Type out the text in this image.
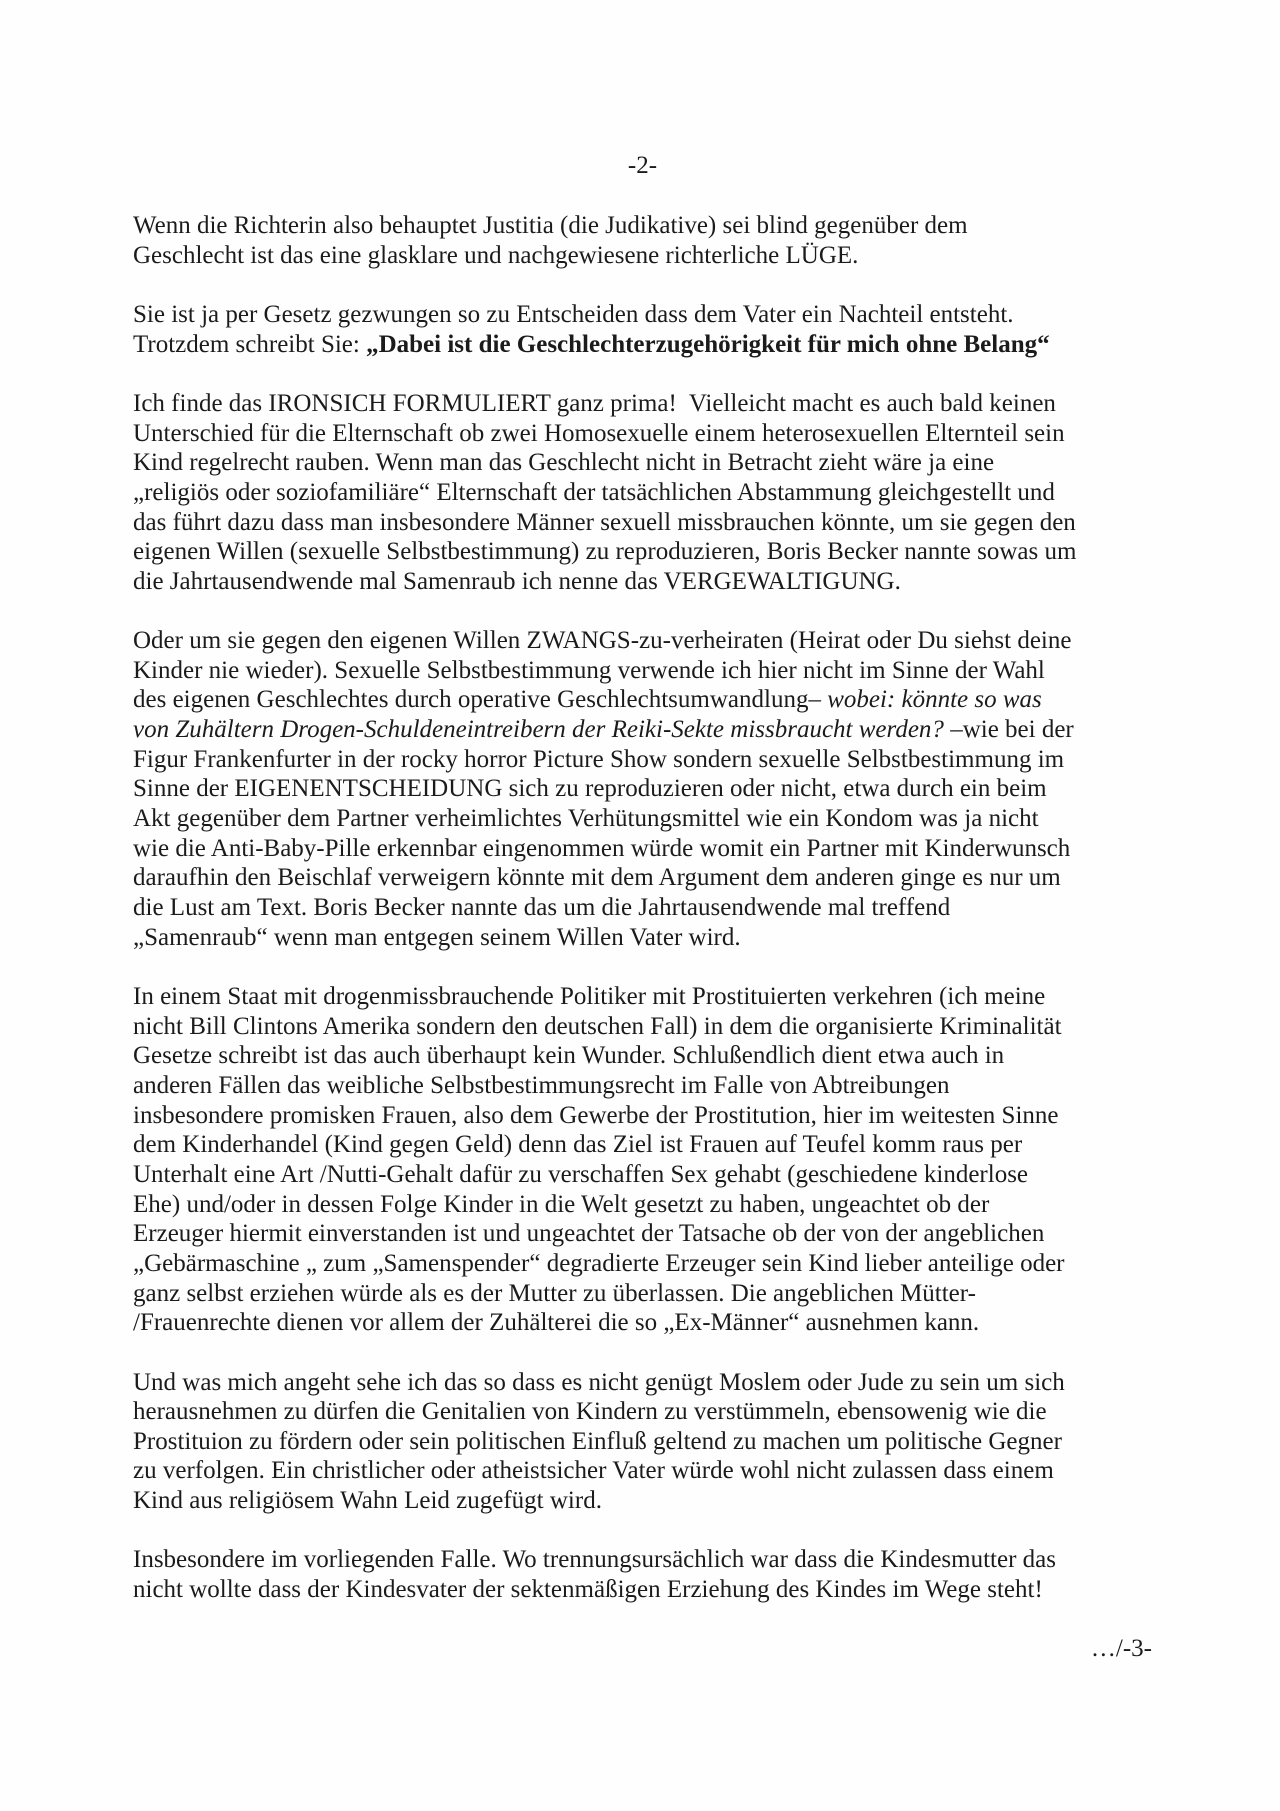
-2-

Wenn die Richterin also behauptet Justitia (die Judikative) sei blind gegenüber dem
Geschlecht ist das eine glasklare und nachgewiesene richterliche LÜGE.

Sie ist ja per Gesetz gezwungen so zu Entscheiden dass dem Vater ein Nachteil entsteht.
Trotzdem schreibt Sie: „Dabei ist die Geschlechterzugehörigkeit für mich ohne Belang“

Ich finde das IRONSICH FORMULIERT ganz prima!  Vielleicht macht es auch bald keinen
Unterschied für die Elternschaft ob zwei Homosexuelle einem heterosexuellen Elternteil sein
Kind regelrecht rauben. Wenn man das Geschlecht nicht in Betracht zieht wäre ja eine
„religiös oder soziofamiliäre“ Elternschaft der tatsächlichen Abstammung gleichgestellt und
das führt dazu dass man insbesondere Männer sexuell missbrauchen könnte, um sie gegen den
eigenen Willen (sexuelle Selbstbestimmung) zu reproduzieren, Boris Becker nannte sowas um
die Jahrtausendwende mal Samenraub ich nenne das VERGEWALTIGUNG.

Oder um sie gegen den eigenen Willen ZWANGS-zu-verheiraten (Heirat oder Du siehst deine
Kinder nie wieder). Sexuelle Selbstbestimmung verwende ich hier nicht im Sinne der Wahl
des eigenen Geschlechtes durch operative Geschlechtsumwandlung– wobei: könnte so was
von Zuhältern Drogen-Schuldeneintreibern der Reiki-Sekte missbraucht werden? –wie bei der
Figur Frankenfurter in der rocky horror Picture Show sondern sexuelle Selbstbestimmung im
Sinne der EIGENENTSCHEIDUNG sich zu reproduzieren oder nicht, etwa durch ein beim
Akt gegenüber dem Partner verheimlichtes Verhütungsmittel wie ein Kondom was ja nicht
wie die Anti-Baby-Pille erkennbar eingenommen würde womit ein Partner mit Kinderwunsch
daraufhin den Beischlaf verweigern könnte mit dem Argument dem anderen ginge es nur um
die Lust am Text. Boris Becker nannte das um die Jahrtausendwende mal treffend
„Samenraub“ wenn man entgegen seinem Willen Vater wird.

In einem Staat mit drogenmissbrauchende Politiker mit Prostituierten verkehren (ich meine
nicht Bill Clintons Amerika sondern den deutschen Fall) in dem die organisierte Kriminalität
Gesetze schreibt ist das auch überhaupt kein Wunder. Schlußendlich dient etwa auch in
anderen Fällen das weibliche Selbstbestimmungsrecht im Falle von Abtreibungen
insbesondere promisken Frauen, also dem Gewerbe der Prostitution, hier im weitesten Sinne
dem Kinderhandel (Kind gegen Geld) denn das Ziel ist Frauen auf Teufel komm raus per
Unterhalt eine Art /Nutti-Gehalt dafür zu verschaffen Sex gehabt (geschiedene kinderlose
Ehe) und/oder in dessen Folge Kinder in die Welt gesetzt zu haben, ungeachtet ob der
Erzeuger hiermit einverstanden ist und ungeachtet der Tatsache ob der von der angeblichen
„Gebärmaschine „ zum „Samenspender“ degradierte Erzeuger sein Kind lieber anteilige oder
ganz selbst erziehen würde als es der Mutter zu überlassen. Die angeblichen Mütter-
/Frauenrechte dienen vor allem der Zuhälterei die so „Ex-Männer“ ausnehmen kann.

Und was mich angeht sehe ich das so dass es nicht genügt Moslem oder Jude zu sein um sich
herausnehmen zu dürfen die Genitalien von Kindern zu verstümmeln, ebensowenig wie die
Prostituion zu fördern oder sein politischen Einfluß geltend zu machen um politische Gegner
zu verfolgen. Ein christlicher oder atheistsicher Vater würde wohl nicht zulassen dass einem
Kind aus religiösem Wahn Leid zugefügt wird.

Insbesondere im vorliegenden Falle. Wo trennungsursächlich war dass die Kindesmutter das
nicht wollte dass der Kindesvater der sektenmäßigen Erziehung des Kindes im Wege steht!

…/-3-
